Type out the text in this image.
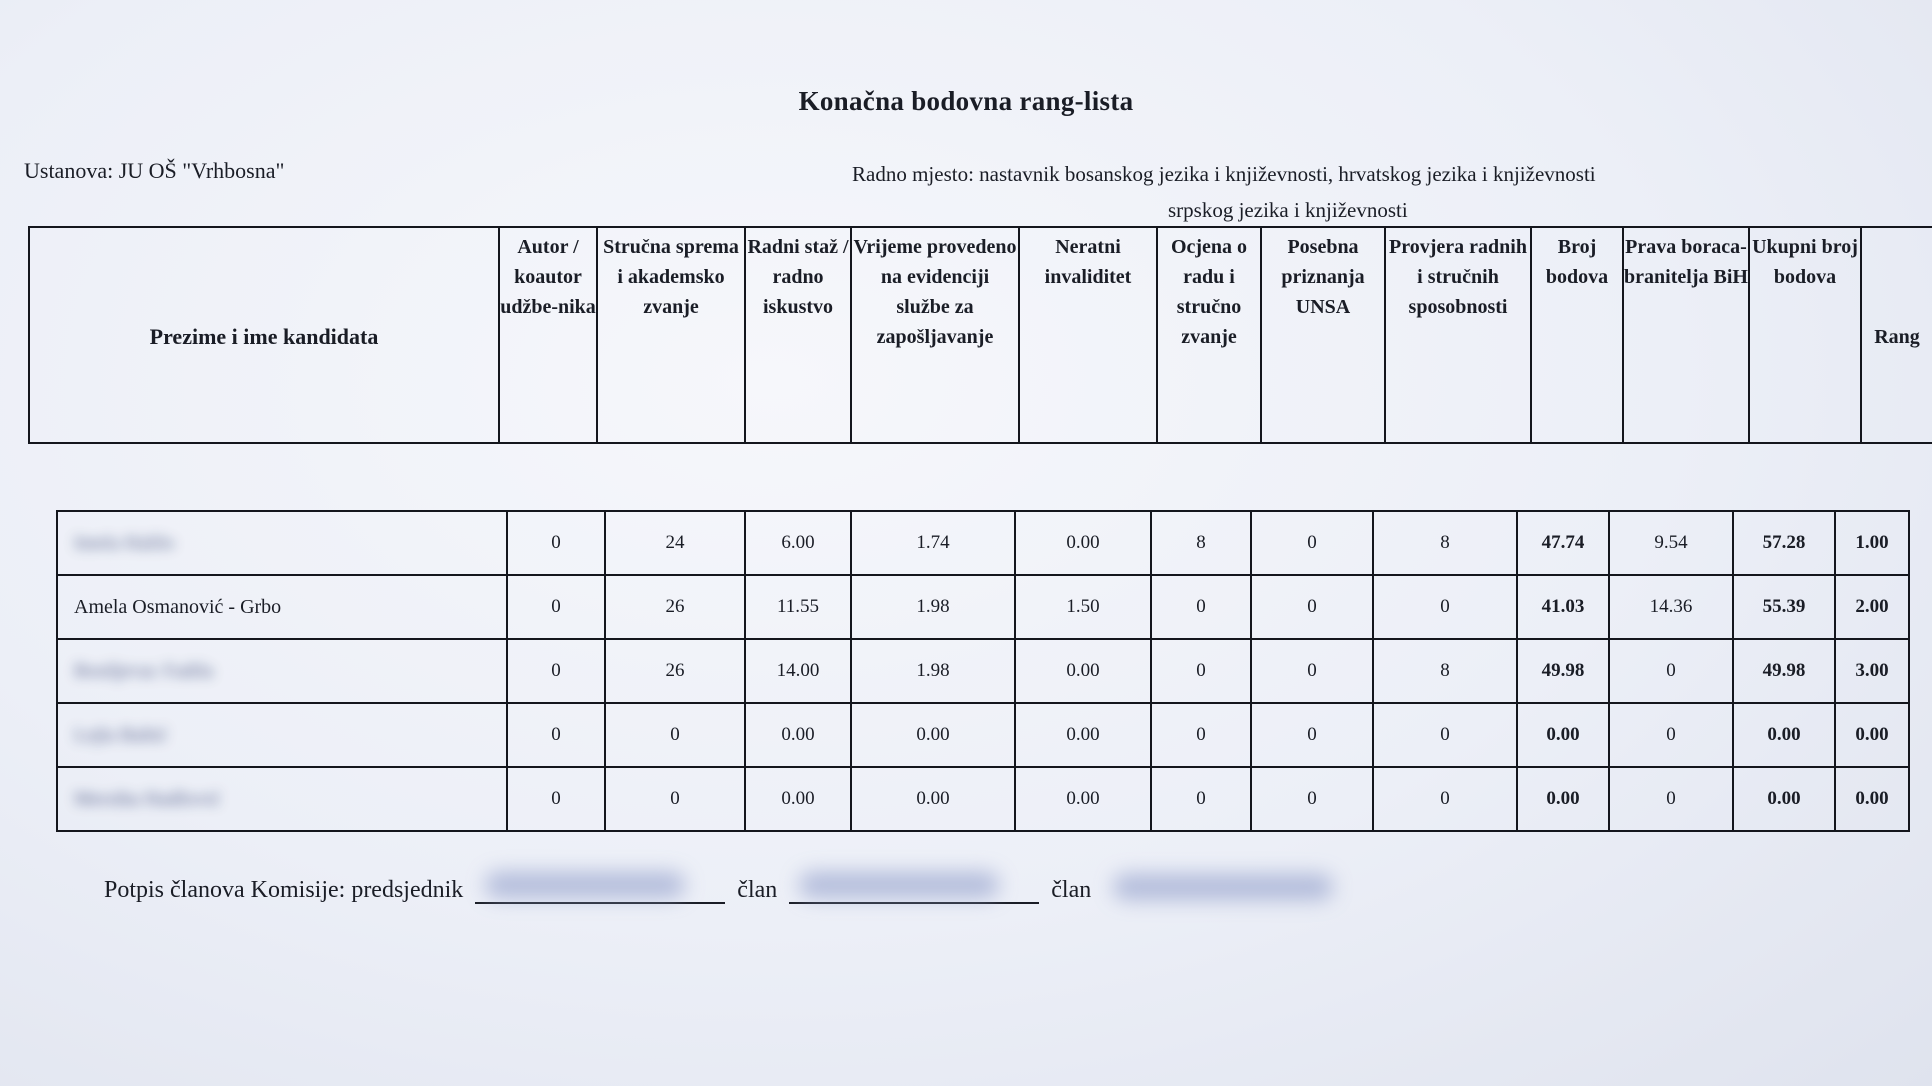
Konačna bodovna rang-lista
Ustanova: JU OŠ "Vrhbosna"	Radno mjesto: nastavnik bosanskog jezika i književnosti, hrvatskog jezika i književnosti
srpskog jezika i književnosti
Prezime i ime kandidata	Autor / koautor udžbe-nika	Stručna sprema i akademsko zvanje	Radni staž / radno iskustvo	Vrijeme provedeno na evidenciji službe za zapošljavanje	Neratni invaliditet	Ocjena o radu i stručno zvanje	Posebna priznanja UNSA	Provjera radnih i stručnih sposobnosti	Broj bodova	Prava boraca-branitelja BiH	Ukupni broj bodova	Rang
Imela Halilo	0	24	6.00	1.74	0.00	8	0	8	47.74	9.54	57.28	1.00
Amela Osmanović - Grbo	0	26	11.55	1.98	1.50	0	0	0	41.03	14.36	55.39	2.00
Bosiljevac Fadila	0	26	14.00	1.98	0.00	0	0	8	49.98	0	49.98	3.00
Lejla Baltić	0	0	0.00	0.00	0.00	0	0	0	0.00	0	0.00	0.00
Mersiha Hadžović	0	0	0.00	0.00	0.00	0	0	0	0.00	0	0.00	0.00
Potpis članova Komisije: predsjednik	član	član
